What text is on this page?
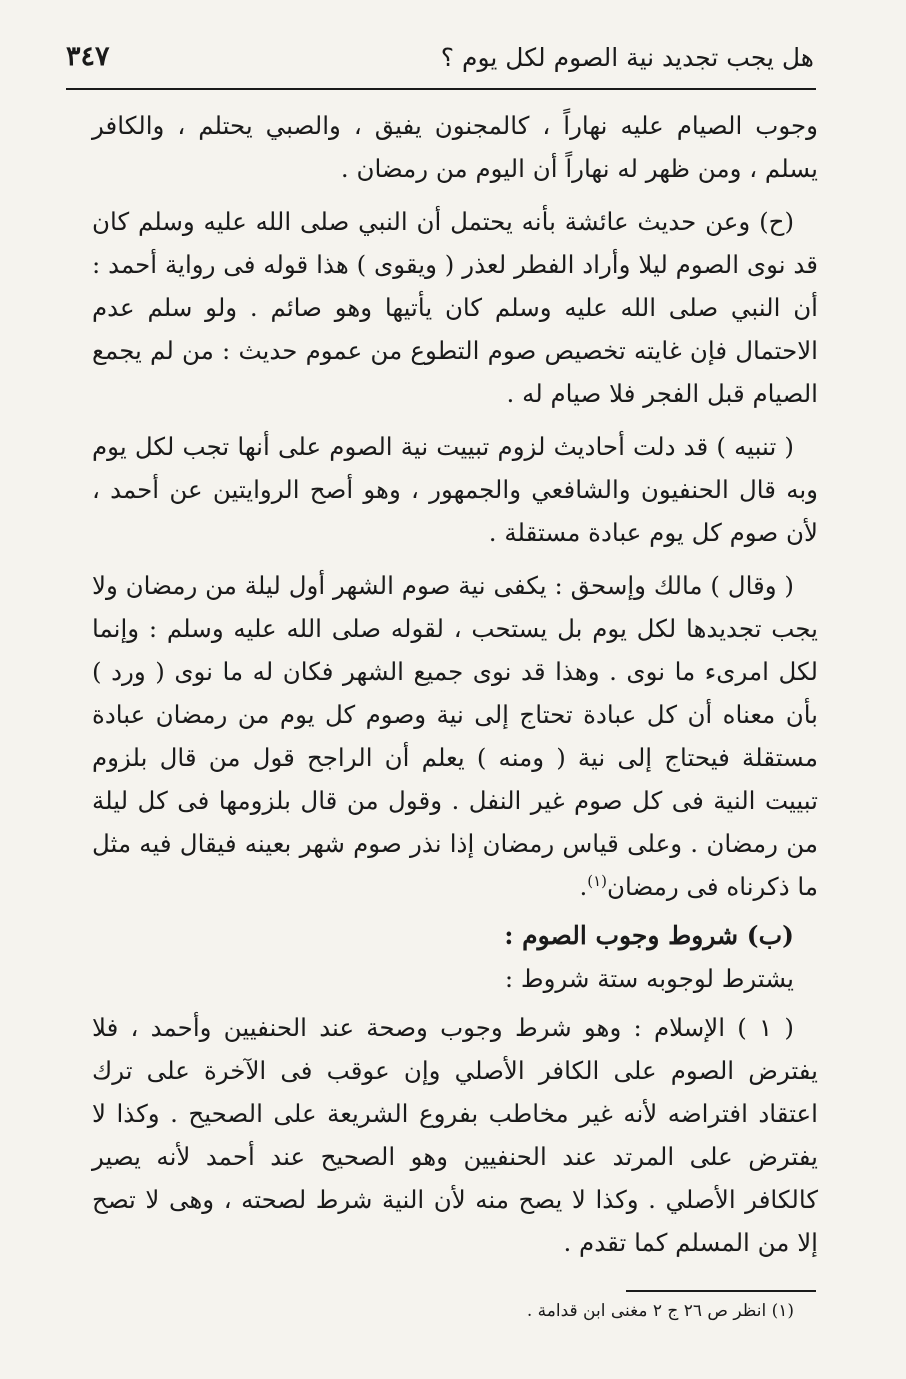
هل يجب تجديد نية الصوم لكل يوم ؟
٣٤٧

وجوب الصيام عليه نهاراً ، كالمجنون يفيق ، والصبي يحتلم ، والكافر يسلم ، ومن ظهر له نهاراً أن اليوم من رمضان .

(ح) وعن حديث عائشة بأنه يحتمل أن النبي صلى الله عليه وسلم كان قد نوى الصوم ليلا وأراد الفطر لعذر ( ويقوى ) هذا قوله فى رواية أحمد : أن النبي صلى الله عليه وسلم كان يأتيها وهو صائم . ولو سلم عدم الاحتمال فإن غايته تخصيص صوم التطوع من عموم حديث : من لم يجمع الصيام قبل الفجر فلا صيام له .

( تنبيه ) قد دلت أحاديث لزوم تبييت نية الصوم على أنها تجب لكل يوم وبه قال الحنفيون والشافعي والجمهور ، وهو أصح الروايتين عن أحمد ، لأن صوم كل يوم عبادة مستقلة .

( وقال ) مالك وإسحق : يكفى نية صوم الشهر أول ليلة من رمضان ولا يجب تجديدها لكل يوم بل يستحب ، لقوله صلى الله عليه وسلم : وإنما لكل امرىء ما نوى . وهذا قد نوى جميع الشهر فكان له ما نوى ( ورد ) بأن معناه أن كل عبادة تحتاج إلى نية وصوم كل يوم من رمضان عبادة مستقلة فيحتاج إلى نية ( ومنه ) يعلم أن الراجح قول من قال بلزوم تبييت النية فى كل صوم غير النفل . وقول من قال بلزومها فى كل ليلة من رمضان . وعلى قياس رمضان إذا نذر صوم شهر بعينه فيقال فيه مثل ما ذكرناه فى رمضان$^{(١)}$.

(ب) شروط وجوب الصوم :

يشترط لوجوبه ستة شروط :

( ١ ) الإسلام : وهو شرط وجوب وصحة عند الحنفيين وأحمد ، فلا يفترض الصوم على الكافر الأصلي وإن عوقب فى الآخرة على ترك اعتقاد افتراضه لأنه غير مخاطب بفروع الشريعة على الصحيح . وكذا لا يفترض على المرتد عند الحنفيين وهو الصحيح عند أحمد لأنه يصير كالكافر الأصلي . وكذا لا يصح منه لأن النية شرط لصحته ، وهى لا تصح إلا من المسلم كما تقدم .

(١) انظر ص ٢٦ ج ٢ مغنى ابن قدامة .
